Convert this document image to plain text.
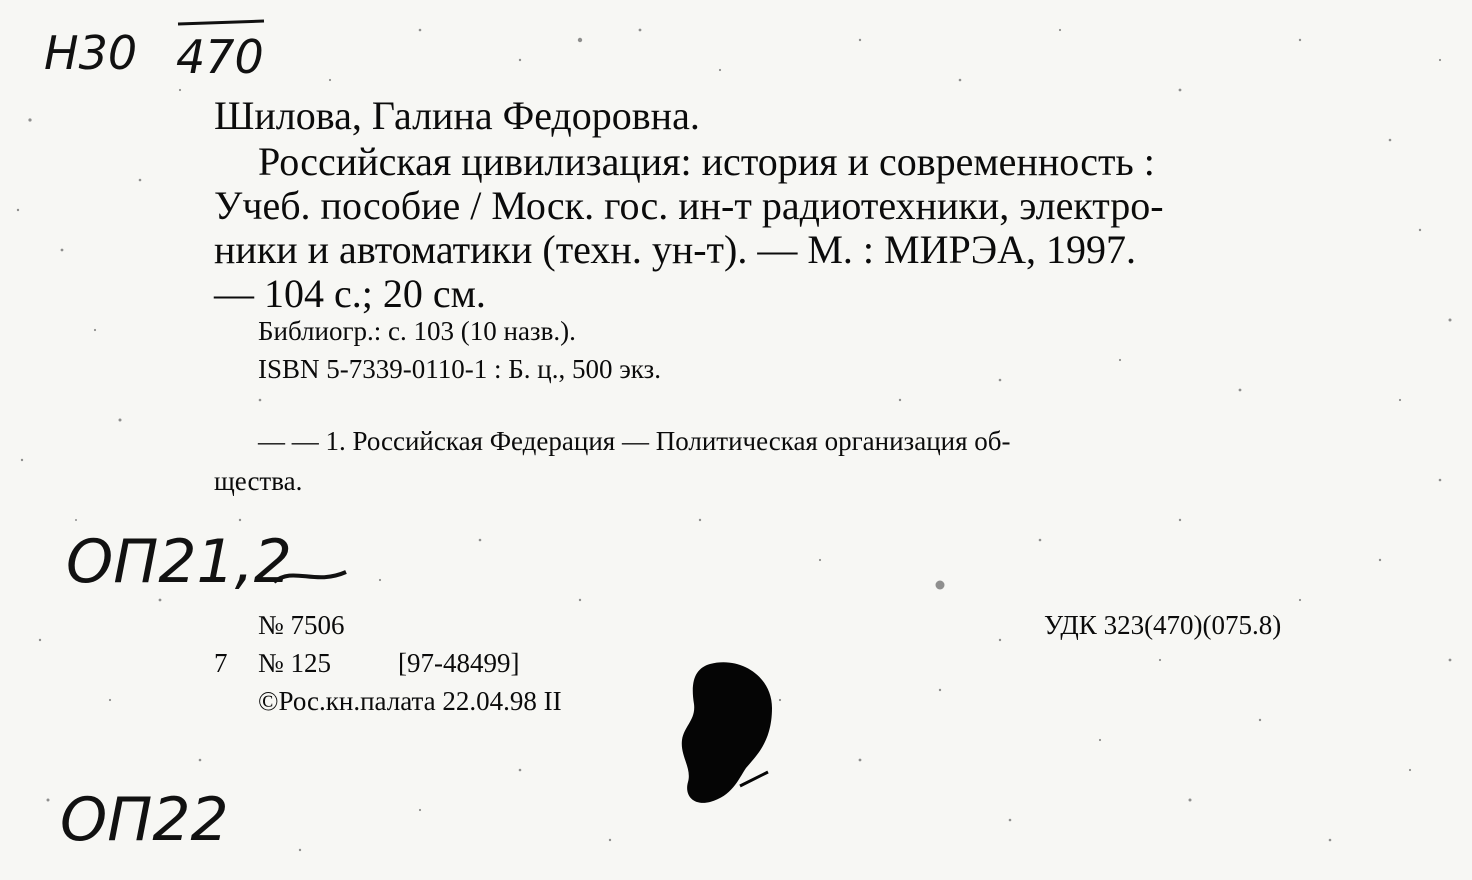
Н30 470
Шилова, Галина Федоровна.
Российская цивилизация: история и современность :
Учеб. пособие / Моск. гос. ин-т радиотехники, электро-
ники и автоматики (техн. ун-т). — М. : МИРЭА, 1997.
— 104 с.; 20 см.
Библиогр.: с. 103 (10 назв.).
ISBN 5-7339-0110-1 : Б. ц., 500 экз.
— — 1. Российская Федерация — Политическая организация об-
щества.
ОП21,2
ОП22
№ 7506
7 № 125 [97-48499]
©Рос.кн.палата 22.04.98 II
УДК 323(470)(075.8)
